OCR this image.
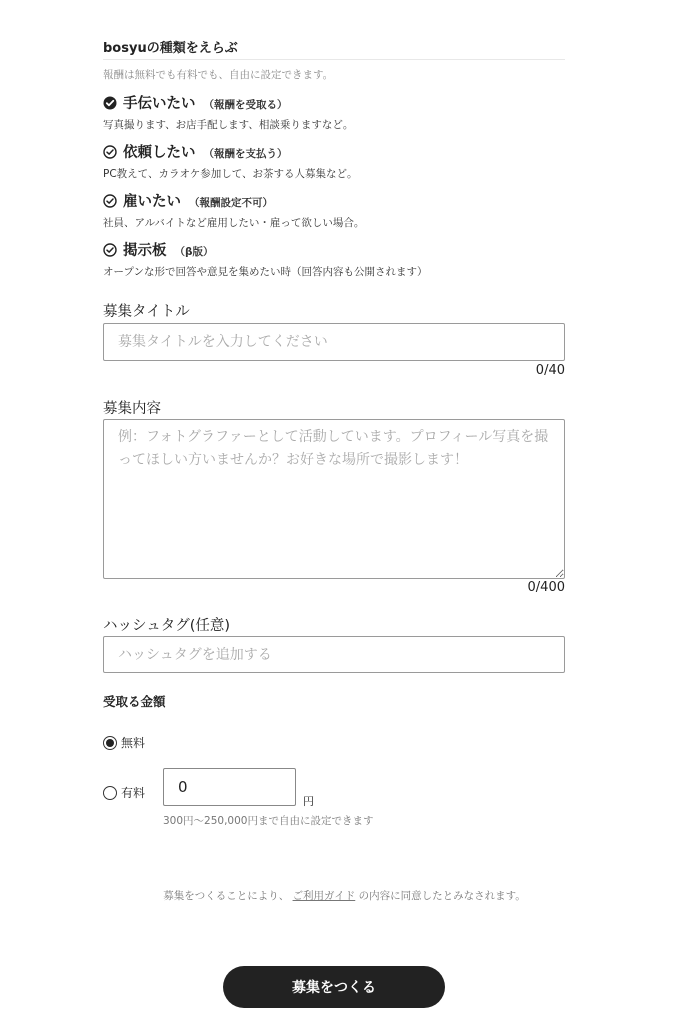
bosyuの種類をえらぶ
報酬は無料でも有料でも、自由に設定できます。
手伝いたい （報酬を受取る）
写真撮ります、お店手配します、相談乗りますなど。
依頼したい （報酬を支払う）
PC教えて、カラオケ参加して、お茶する人募集など。
雇いたい （報酬設定不可）
社員、アルバイトなど雇用したい・雇って欲しい場合。
掲示板 （β版）
オープンな形で回答や意見を集めたい時（回答内容も公開されます）
募集タイトル
募集タイトルを入力してください
0/40
募集内容
例：フォトグラファーとして活動しています。プロフィール写真を撮ってほしい方いませんか？お好きな場所で撮影します！
0/400
ハッシュタグ(任意)
ハッシュタグを追加する
受取る金額
無料
有料
0
円
300円〜250,000円まで自由に設定できます
募集をつくることにより、 ご利用ガイド の内容に同意したとみなされます。
募集をつくる
